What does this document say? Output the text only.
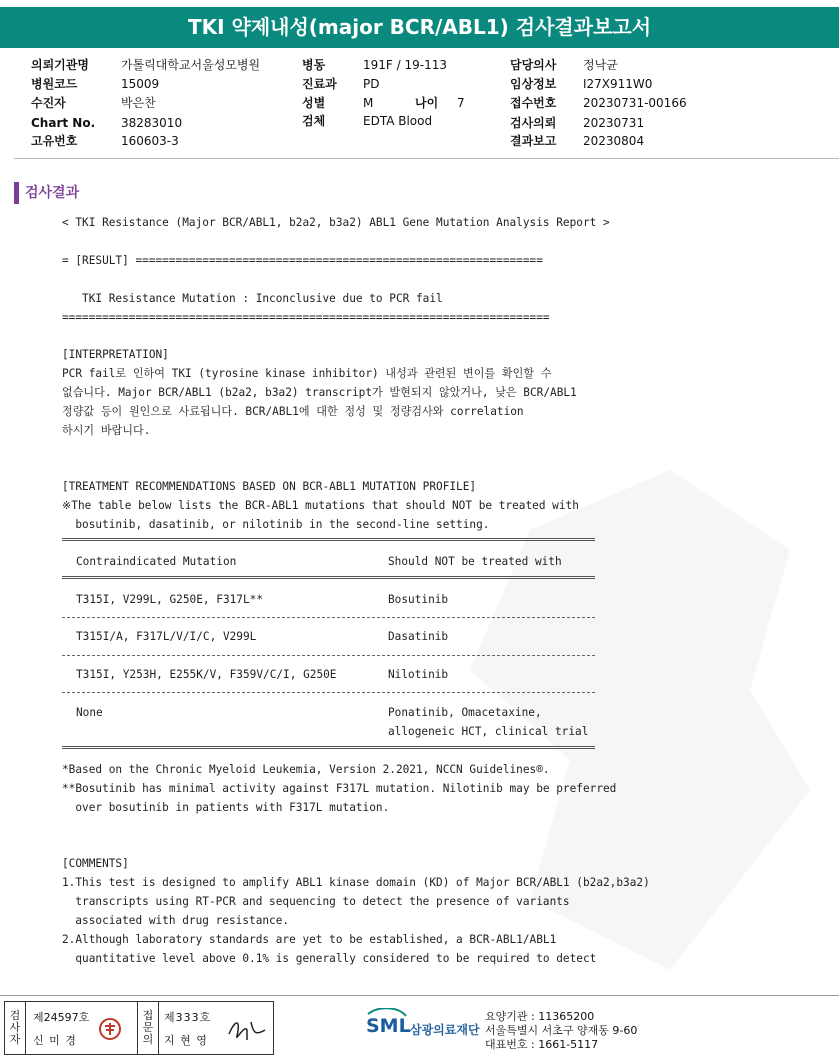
TKI 약제내성(major BCR/ABL1) 검사결과보고서
의뢰기관명	가톨릭대학교서울성모병원
병원코드	15009
수진자	박은찬
Chart No. 38283010
고유번호	160603-3
병동	191F / 19-113
진료과 PD
성별	M	나이 7
검체	EDTA Blood
담당의사 정낙균
임상정보 I27X911W0
접수번호 20230731-00166
검사의뢰 20230731
결과보고 20230804
검사결과
< TKI Resistance (Major BCR/ABL1, b2a2, b3a2) ABL1 Gene Mutation Analysis Report >
= [RESULT] =============================================================
TKI Resistance Mutation : Inconclusive due to PCR fail
=========================================================================
[INTERPRETATION]
PCR fail로 인하여 TKI (tyrosine kinase inhibitor) 내성과 관련된 변이를 확인할 수
없습니다. Major BCR/ABL1 (b2a2, b3a2) transcript가 발현되지 않았거나, 낮은 BCR/ABL1
정량값 등이 원인으로 사료됩니다. BCR/ABL1에 대한 정성 및 정량검사와 correlation
하시기 바랍니다.
[TREATMENT RECOMMENDATIONS BASED ON BCR-ABL1 MUTATION PROFILE]
※The table below lists the BCR-ABL1 mutations that should NOT be treated with
bosutinib, dasatinib, or nilotinib in the second-line setting.
Contraindicated Mutation	Should NOT be treated with
T315I, V299L, G250E, F317L**	Bosutinib
T315I/A, F317L/V/I/C, V299L	Dasatinib
T315I, Y253H, E255K/V, F359V/C/I, G250E	Nilotinib
None	Ponatinib, Omacetaxine,
allogeneic HCT, clinical trial
*Based on the Chronic Myeloid Leukemia, Version 2.2021, NCCN Guidelines®.
**Bosutinib has minimal activity against F317L mutation. Nilotinib may be preferred
over bosutinib in patients with F317L mutation.
[COMMENTS]
1.This test is designed to amplify ABL1 kinase domain (KD) of Major BCR/ABL1 (b2a2,b3a2)
transcripts using RT-PCR and sequencing to detect the presence of variants
associated with drug resistance.
2.Although laboratory standards are yet to be established, a BCR-ABL1/ABL1
quantitative level above 0.1% is generally considered to be required to detect
검사자
제24597호
신 미 경
접문의
제333호
지 현 영
SML 삼광의료재단
요양기관 : 11365200
서울특별시 서초구 양재동 9-60
대표번호 : 1661-5117
